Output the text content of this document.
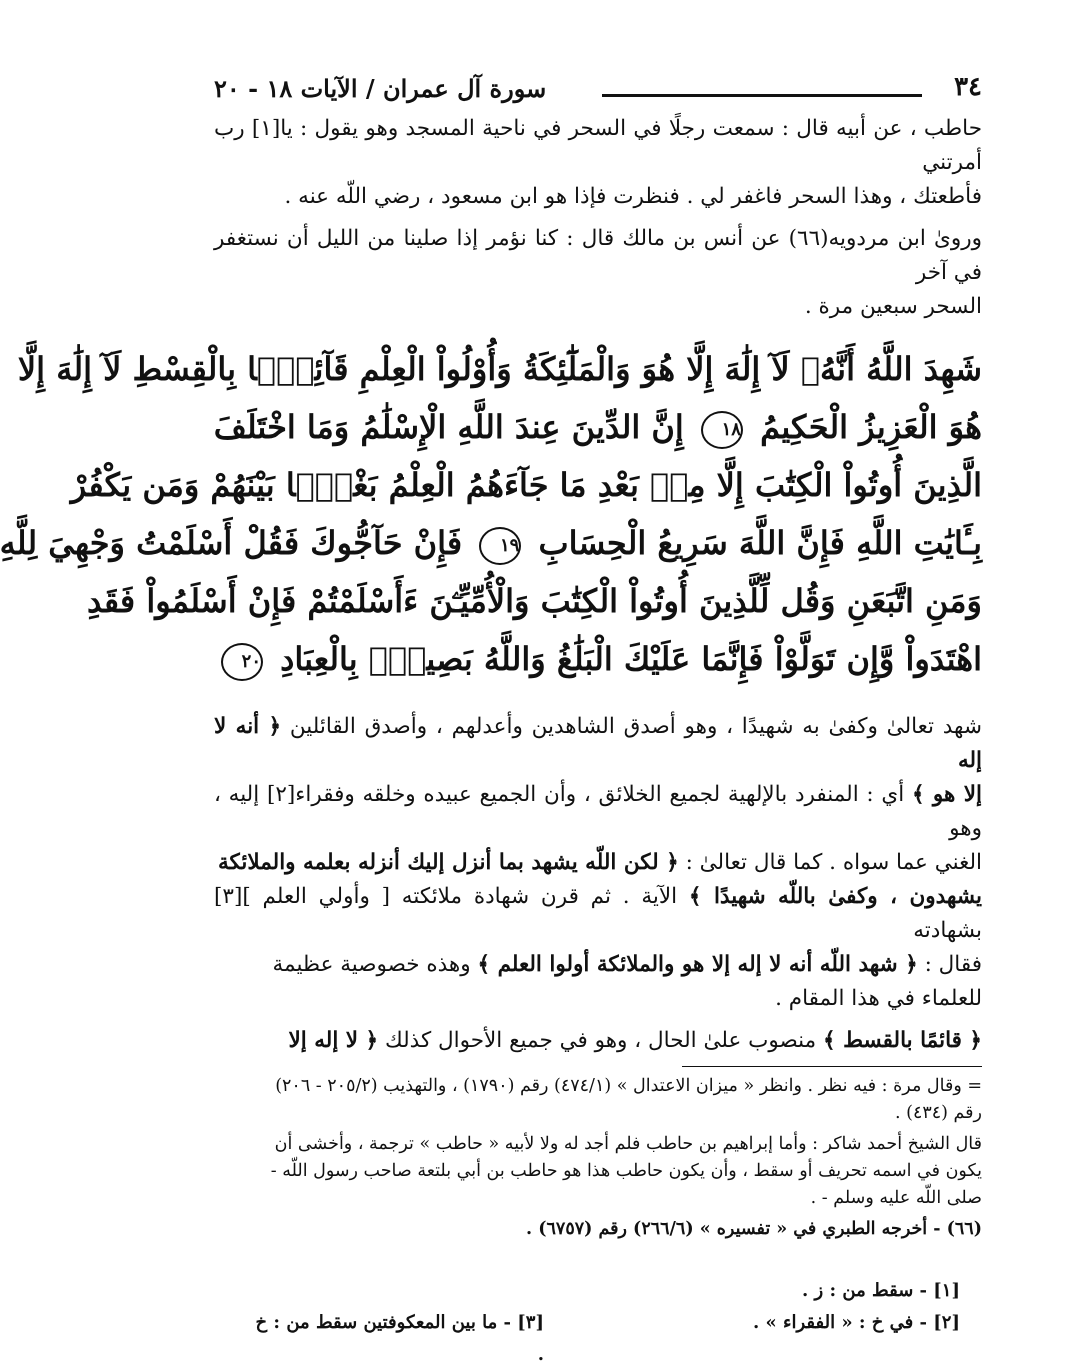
٣٤
سورة آل عمران / الآيات ١٨ - ٢٠

حاطب ، عن أبيه قال : سمعت رجلًا في السحر في ناحية المسجد وهو يقول : يا[١] رب أمرتني

فأطعتك ، وهذا السحر فاغفر لي . فنظرت فإذا هو ابن مسعود ، رضي اللّه عنه .

وروىٰ ابن مردويه(٦٦) عن أنس بن مالك قال : كنا نؤمر إذا صلينا من الليل أن نستغفر في آخر

السحر سبعين مرة .

شَهِدَ اللَّهُ أَنَّهُۥ لَآ إِلَٰهَ إِلَّا هُوَ وَالْمَلَٰٓئِكَةُ وَأُوْلُواْ الْعِلْمِ قَآئِمًۢا بِالْقِسْطِ لَآ إِلَٰهَ إِلَّا
هُوَ الْعَزِيزُ الْحَكِيمُ ١٨ إِنَّ الدِّينَ عِندَ اللَّهِ الْإِسْلَٰمُ وَمَا اخْتَلَفَ
الَّذِينَ أُوتُواْ الْكِتَٰبَ إِلَّا مِنۢ بَعْدِ مَا جَآءَهُمُ الْعِلْمُ بَغْيًۢا بَيْنَهُمْ وَمَن يَكْفُرْ
بِـَٔايَٰتِ اللَّهِ فَإِنَّ اللَّهَ سَرِيعُ الْحِسَابِ ١٩ فَإِنْ حَآجُّوكَ فَقُلْ أَسْلَمْتُ وَجْهِيَ لِلَّهِ
وَمَنِ اتَّبَعَنِ وَقُل لِّلَّذِينَ أُوتُواْ الْكِتَٰبَ وَالْأُمِّيِّـۧنَ ءَأَسْلَمْتُمْ فَإِنْ أَسْلَمُواْ فَقَدِ
اهْتَدَواْ وَّإِن تَوَلَّوْاْ فَإِنَّمَا عَلَيْكَ الْبَلَٰغُ وَاللَّهُ بَصِيرٌۢ بِالْعِبَادِ ٢٠

شهد تعالىٰ وكفىٰ به شهيدًا ، وهو أصدق الشاهدين وأعدلهم ، وأصدق القائلين ﴿ أنه لا إله

إلا هو ﴾ أي : المنفرد بالإلهية لجميع الخلائق ، وأن الجميع عبيده وخلقه وفقراء[٢] إليه ، وهو

الغني عما سواه . كما قال تعالىٰ : ﴿ لكن اللّه يشهد بما أنزل إليك أنزله بعلمه والملائكة

يشهدون ، وكفىٰ باللّه شهيدًا ﴾ الآية . ثم قرن شهادة ملائكته [ وأولي العلم ][٣] بشهادته

فقال : ﴿ شهد اللّه أنه لا إله إلا هو والملائكة أولوا العلم ﴾ وهذه خصوصية عظيمة

للعلماء في هذا المقام .

﴿ قائمًا بالقسط ﴾ منصوب علىٰ الحال ، وهو في جميع الأحوال كذلك ﴿ لا إله إلا

= وقال مرة : فيه نظر . وانظر « ميزان الاعتدال » (٤٧٤/١) رقم (١٧٩٠) ، والتهذيب (٢٠٥/٢ - ٢٠٦)

رقم (٤٣٤) .

قال الشيخ أحمد شاكر : وأما إبراهيم بن حاطب فلم أجد له ولا لأبيه « حاطب » ترجمة ، وأخشى أن

يكون في اسمه تحريف أو سقط ، وأن يكون حاطب هذا هو حاطب بن أبي بلتعة صاحب رسول اللّه -

صلى اللّه عليه وسلم - .

(٦٦) - أخرجه الطبري في « تفسيره » (٢٦٦/٦) رقم (٦٧٥٧) .

[١] - سقط من : ز .
[٢] - في خ : « الفقراء » .
[٣] - ما بين المعكوفتين سقط من : خ .
